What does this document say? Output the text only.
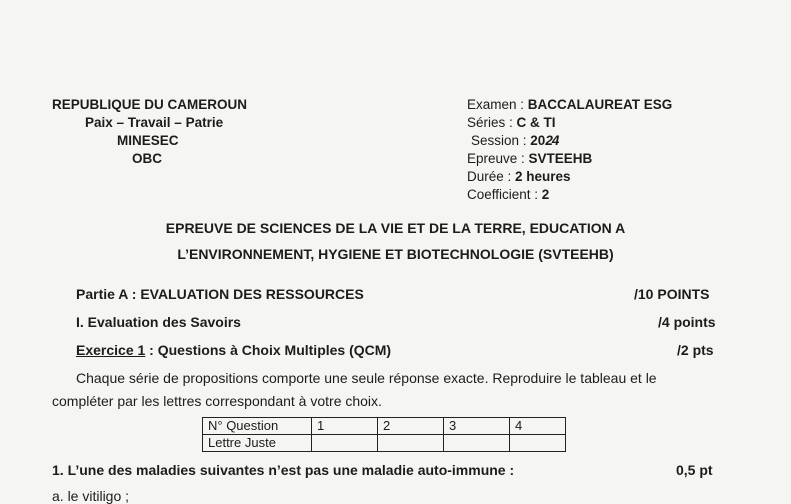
REPUBLIQUE DU CAMEROUN
Paix – Travail – Patrie
MINESEC
OBC
Examen : BACCALAUREAT ESG
Séries : C & TI
Session : 2024
Epreuve : SVTEEHB
Durée : 2 heures
Coefficient : 2
EPREUVE DE SCIENCES DE LA VIE ET DE LA TERRE, EDUCATION A
L’ENVIRONNEMENT, HYGIENE ET BIOTECHNOLOGIE (SVTEEHB)
Partie A : EVALUATION DES RESSOURCES	/10 POINTS
I. Evaluation des Savoirs	/4 points
Exercice 1 : Questions à Choix Multiples (QCM)	/2 pts
Chaque série de propositions comporte une seule réponse exacte. Reproduire le tableau et le
compléter par les lettres correspondant à votre choix.
N° Question	1	2	3	4
Lettre Juste				
1. L’une des maladies suivantes n’est pas une maladie auto-immune :	0,5 pt
a. le vitiligo ;
